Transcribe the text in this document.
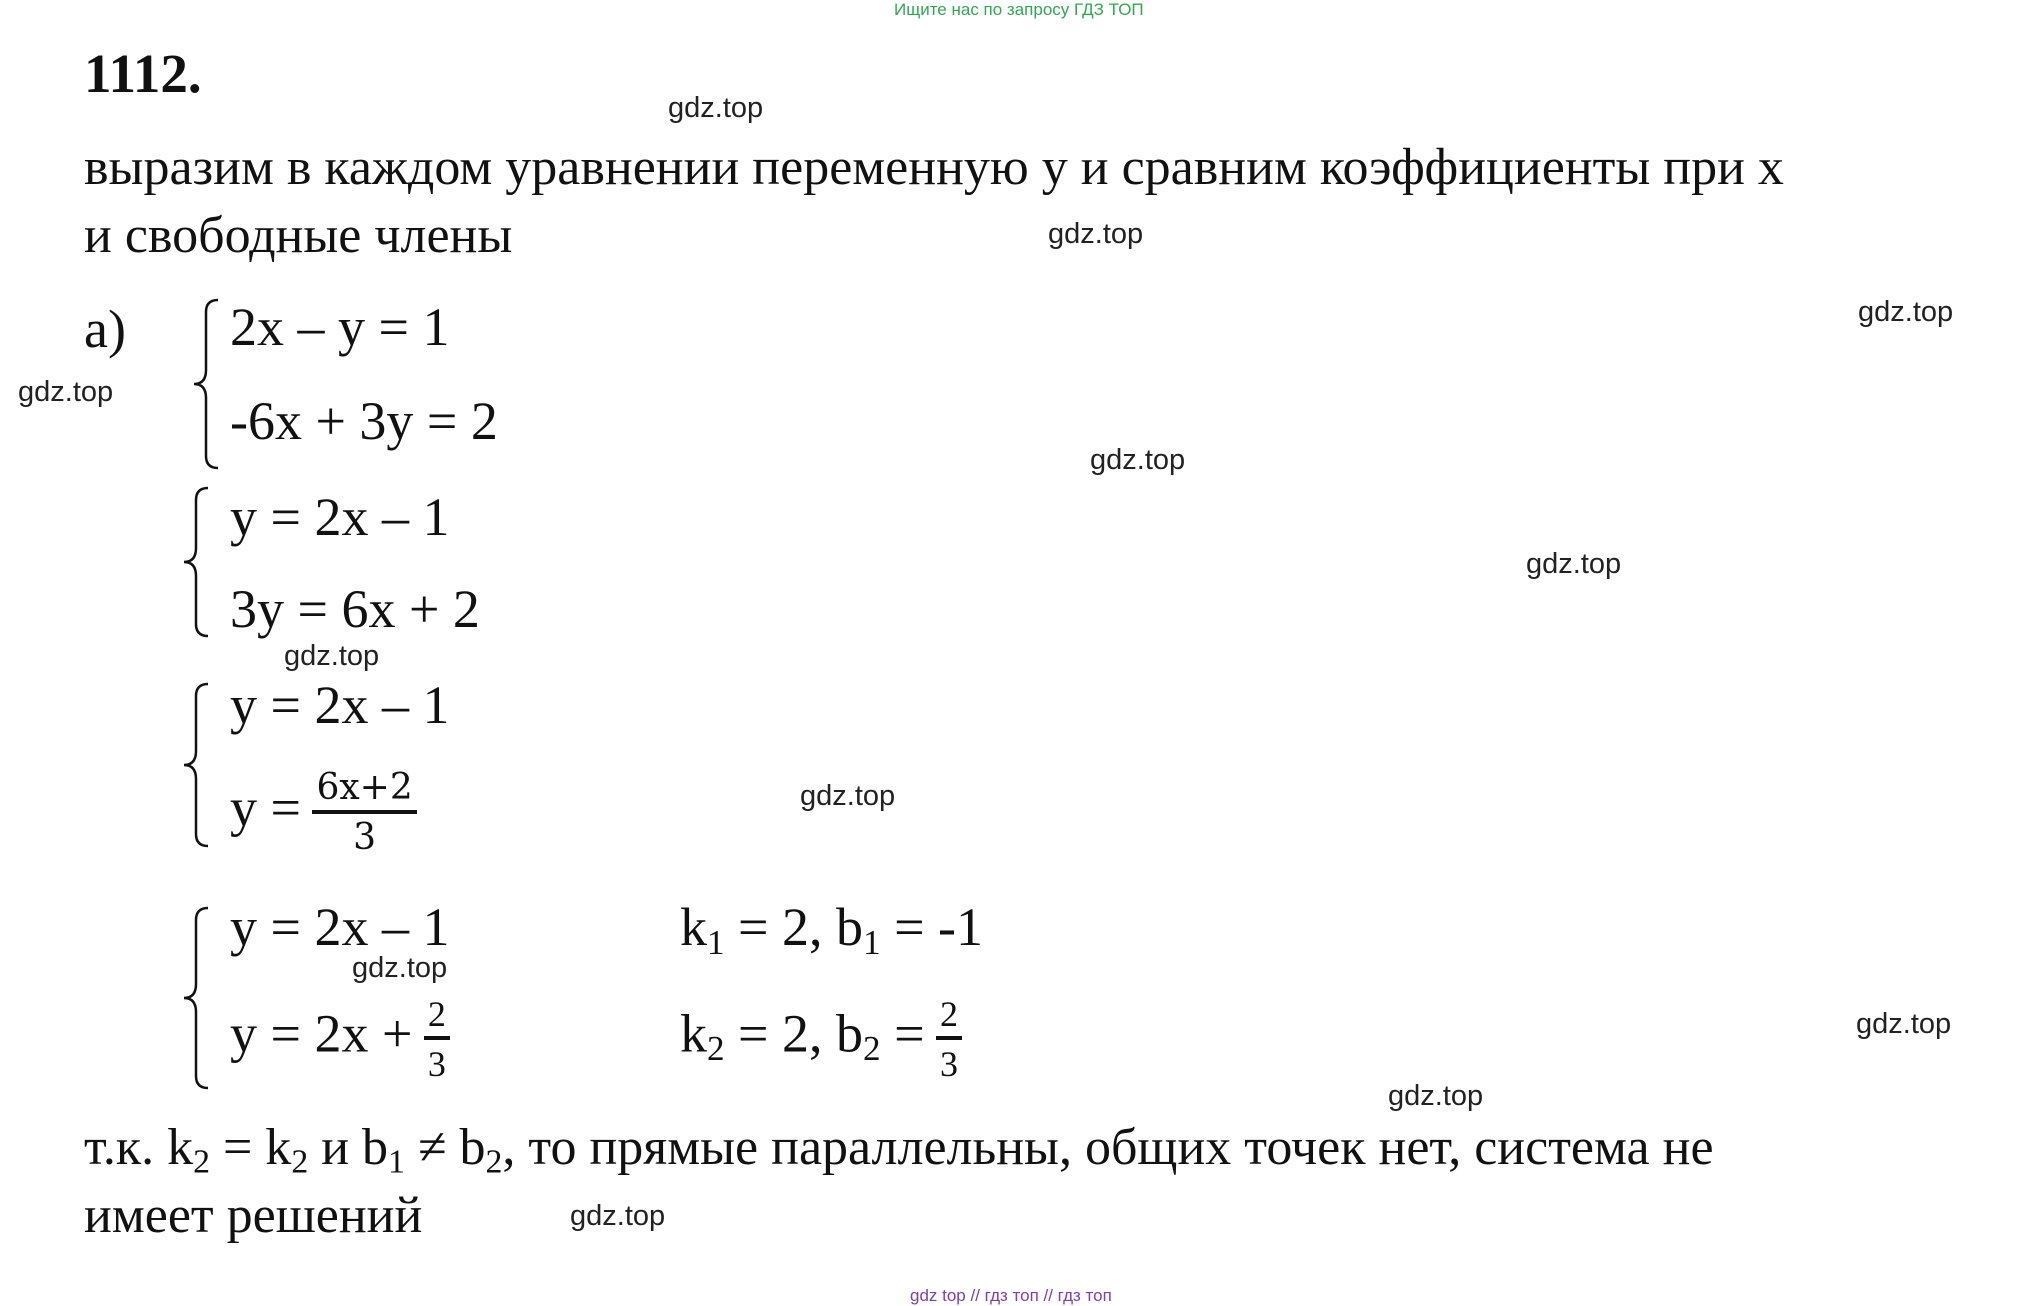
Ищите нас по запросу ГДЗ ТОП
1112.
выразим в каждом уравнении переменную у и сравним коэффициенты при х
и свободные члены
а) 2x – y = 1
-6x + 3y = 2
y = 2x – 1
3y = 6x + 2
y = 2x – 1
$y = \frac{6x+2}{3}$
y = 2x – 1
$y = 2x + \frac{2}{3}$
$k_1 = 2$, $b_1 = -1$
$k_2 = 2$, $b_2 = \frac{2}{3}$
т.к. $k_2 = k_2$ и $b_1 \ne b_2$, то прямые параллельны, общих точек нет, система не
имеет решений
gdz.top
gdz.top
gdz.top
gdz.top
gdz.top
gdz.top
gdz.top
gdz.top
gdz.top
gdz.top
gdz.top
gdz.top
gdz top // гдз топ // гдз топ
